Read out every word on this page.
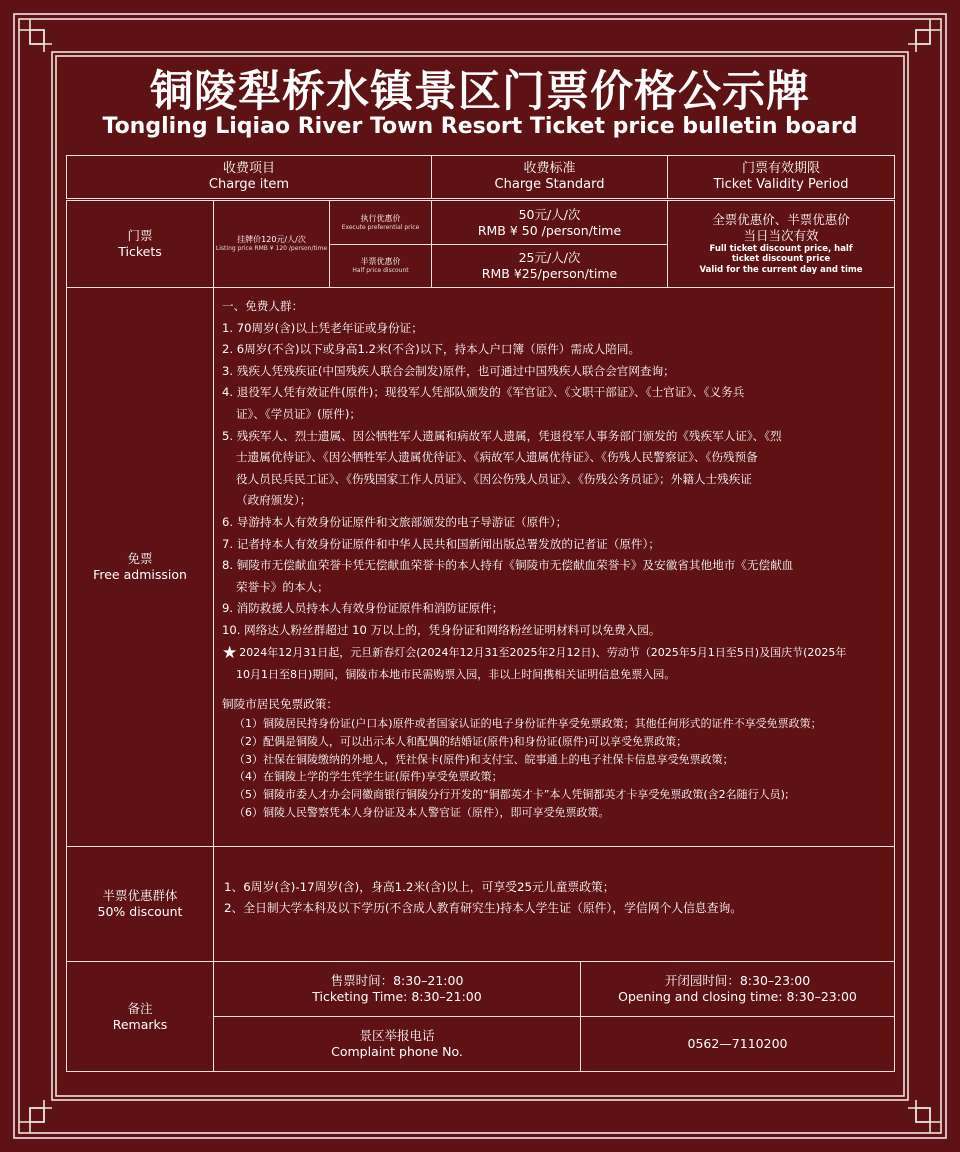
铜陵犁桥水镇景区门票价格公示牌
Tongling Liqiao River Town Resort Ticket price bulletin board
收费项目
Charge item
收费标准
Charge Standard
门票有效期限
Ticket Validity Period
门票
Tickets
挂牌价120元/人/次
Listing price RMB ¥ 120 /person/time
执行优惠价
Execute preferential price
半票优惠价
Half price discount
50元/人/次
RMB ¥ 50 /person/time
25元/人/次
RMB ¥25/person/time
全票优惠价、半票优惠价
当日当次有效
Full ticket discount price, half
ticket discount price
Valid for the current day and time
免票
Free admission

一、免费人群：

1. 70周岁(含)以上凭老年证或身份证；

2. 6周岁(不含)以下或身高1.2米(不含)以下，持本人户口簿（原件）需成人陪同。

3. 残疾人凭残疾证(中国残疾人联合会制发)原件，也可通过中国残疾人联合会官网查询；

4. 退役军人凭有效证件(原件)；现役军人凭部队颁发的《军官证》、《文职干部证》、《士官证》、《义务兵

证》、《学员证》(原件)；

5. 残疾军人、烈士遗属、因公牺牲军人遗属和病故军人遗属，凭退役军人事务部门颁发的《残疾军人证》、《烈

士遗属优待证》、《因公牺牲军人遗属优待证》、《病故军人遗属优待证》、《伤残人民警察证》、《伤残预备

役人员民兵民工证》、《伤残国家工作人员证》、《因公伤残人员证》、《伤残公务员证》；外籍人士残疾证

（政府颁发）；

6. 导游持本人有效身份证原件和文旅部颁发的电子导游证（原件）；

7. 记者持本人有效身份证原件和中华人民共和国新闻出版总署发放的记者证（原件）；

8. 铜陵市无偿献血荣誉卡凭无偿献血荣誉卡的本人持有《铜陵市无偿献血荣誉卡》及安徽省其他地市《无偿献血

荣誉卡》的本人；

9. 消防救援人员持本人有效身份证原件和消防证原件；

10. 网络达人粉丝群超过 10 万以上的，凭身份证和网络粉丝证明材料可以免费入园。

★ 2024年12月31日起，元旦新春灯会(2024年12月31至2025年2月12日)、劳动节（2025年5月1日至5日)及国庆节(2025年

10月1日至8日)期间，铜陵市本地市民需购票入园，非以上时间携相关证明信息免票入园。

铜陵市居民免票政策：

（1）铜陵居民持身份证(户口本)原件或者国家认证的电子身份证件享受免票政策；其他任何形式的证件不享受免票政策；

（2）配偶是铜陵人，可以出示本人和配偶的结婚证(原件)和身份证(原件)可以享受免票政策；

（3）社保在铜陵缴纳的外地人，凭社保卡(原件)和支付宝、皖事通上的电子社保卡信息享受免票政策；

（4）在铜陵上学的学生凭学生证(原件)享受免票政策；

（5）铜陵市委人才办会同徽商银行铜陵分行开发的“铜都英才卡”本人凭铜都英才卡享受免票政策(含2名随行人员);

（6）铜陵人民警察凭本人身份证及本人警官证（原件），即可享受免票政策。

半票优惠群体
50% discount

1、6周岁(含)-17周岁(含)，身高1.2米(含)以上，可享受25元儿童票政策；

2、全日制大学本科及以下学历(不含成人教育研究生)持本人学生证（原件），学信网个人信息查询。

备注
Remarks
售票时间：8:30–21:00
Ticketing Time: 8:30–21:00
开闭园时间：8:30–23:00
Opening and closing time: 8:30–23:00
景区举报电话
Complaint phone No.
0562—7110200
